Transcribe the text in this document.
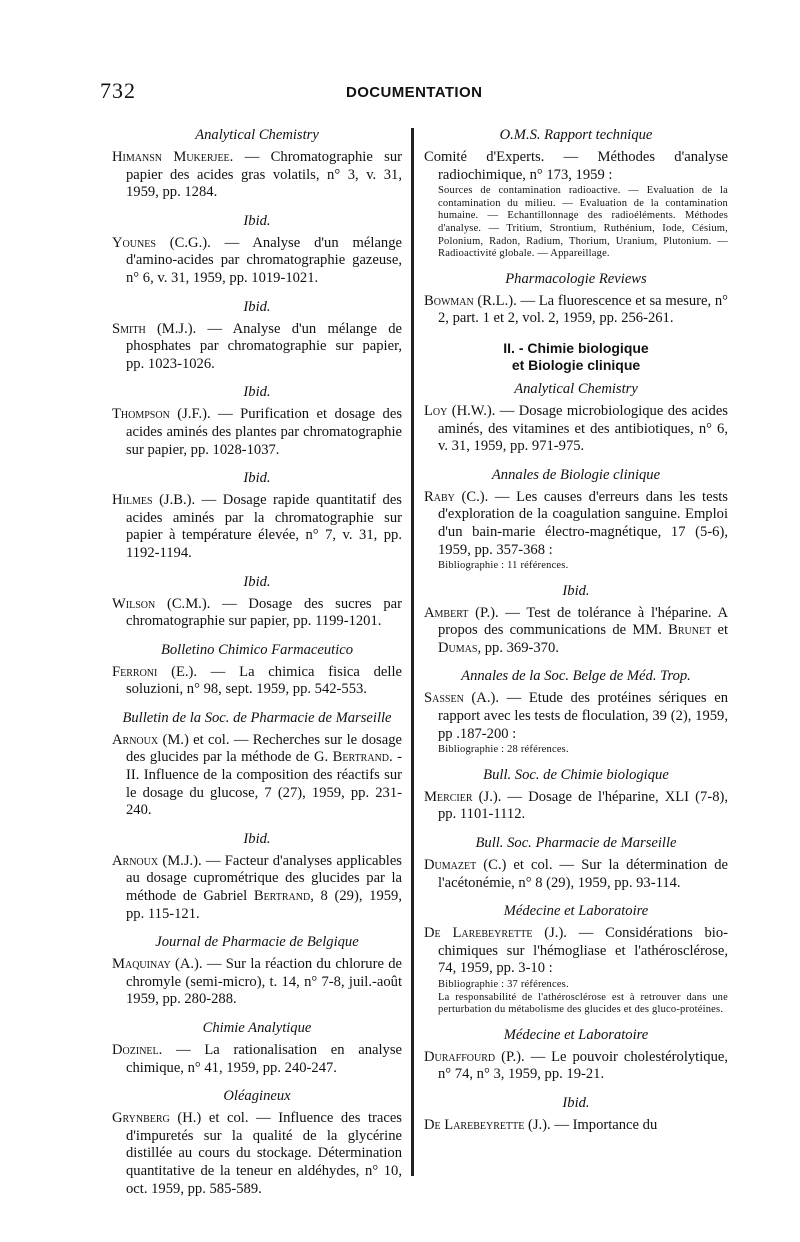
732	DOCUMENTATION
Analytical Chemistry

Himansn Mukerjee. — Chromatographie sur papier des acides gras volatils, n° 3, v. 31, 1959, pp. 1284.

Ibid.

Younes (C.G.). — Analyse d'un mélange d'amino-acides par chromatographie gazeuse, n° 6, v. 31, 1959, pp. 1019-1021.

Ibid.

Smith (M.J.). — Analyse d'un mélange de phosphates par chromatographie sur papier, pp. 1023-1026.

Ibid.

Thompson (J.F.). — Purification et dosage des acides aminés des plantes par chromatographie sur papier, pp. 1028-1037.

Ibid.

Hilmes (J.B.). — Dosage rapide quantitatif des acides aminés par la chromatographie sur papier à température élevée, n° 7, v. 31, pp. 1192-1194.

Ibid.

Wilson (C.M.). — Dosage des sucres par chromatographie sur papier, pp. 1199-1201.

Bolletino Chimico Farmaceutico

Ferroni (E.). — La chimica fisica delle soluzioni, n° 98, sept. 1959, pp. 542-553.

Bulletin de la Soc. de Pharmacie de Marseille

Arnoux (M.) et col. — Recherches sur le dosage des glucides par la méthode de G. Bertrand. - II. Influence de la composition des réactifs sur le dosage du glucose, 7 (27), 1959, pp. 231-240.

Ibid.

Arnoux (M.J.). — Facteur d'analyses applicables au dosage cuprométrique des glucides par la méthode de Gabriel Bertrand, 8 (29), 1959, pp. 115-121.

Journal de Pharmacie de Belgique

Maquinay (A.). — Sur la réaction du chlorure de chromyle (semi-micro), t. 14, n° 7-8, juil.-août 1959, pp. 280-288.

Chimie Analytique

Dozinel. — La rationalisation en analyse chimique, n° 41, 1959, pp. 240-247.

Oléagineux

Grynberg (H.) et col. — Influence des traces d'impuretés sur la qualité de la glycérine distillée au cours du stockage. Détermination quantitative de la teneur en aldéhydes, n° 10, oct. 1959, pp. 585-589.

O.M.S. Rapport technique

Comité d'Experts. — Méthodes d'analyse radiochimique, n° 173, 1959 :

Sources de contamination radioactive. — Evaluation de la contamination du milieu. — Evaluation de la contamination humaine. — Echantillonnage des radioéléments. Méthodes d'analyse. — Tritium, Strontium, Ruthénium, Iode, Césium, Polonium, Radon, Radium, Thorium, Uranium, Plutonium. — Radioactivité globale. — Appareillage.

Pharmacologie Reviews

Bowman (R.L.). — La fluorescence et sa mesure, n° 2, part. 1 et 2, vol. 2, 1959, pp. 256-261.

II. - Chimie biologique
et Biologie clinique
Analytical Chemistry

Loy (H.W.). — Dosage microbiologique des acides aminés, des vitamines et des antibiotiques, n° 6, v. 31, 1959, pp. 971-975.

Annales de Biologie clinique

Raby (C.). — Les causes d'erreurs dans les tests d'exploration de la coagulation sanguine. Emploi d'un bain-marie électro-magnétique, 17 (5-6), 1959, pp. 357-368 :

Bibliographie : 11 références.

Ibid.

Ambert (P.). — Test de tolérance à l'héparine. A propos des communications de MM. Brunet et Dumas, pp. 369-370.

Annales de la Soc. Belge de Méd. Trop.

Sassen (A.). — Etude des protéines sériques en rapport avec les tests de floculation, 39 (2), 1959, pp .187-200 :

Bibliographie : 28 références.

Bull. Soc. de Chimie biologique

Mercier (J.). — Dosage de l'héparine, XLI (7-8), pp. 1101-1112.

Bull. Soc. Pharmacie de Marseille

Dumazet (C.) et col. — Sur la détermination de l'acétonémie, n° 8 (29), 1959, pp. 93-114.

Médecine et Laboratoire

De Larebeyrette (J.). — Considérations bio-chimiques sur l'hémogliase et l'athérosclérose, 74, 1959, pp. 3-10 :

Bibliographie : 37 références.
La responsabilité de l'athérosclérose est à retrouver dans une perturbation du métabolisme des glucides et des gluco-protéines.

Médecine et Laboratoire

Duraffourd (P.). — Le pouvoir cholestérolytique, n° 74, n° 3, 1959, pp. 19-21.

Ibid.

De Larebeyrette (J.). — Importance du
